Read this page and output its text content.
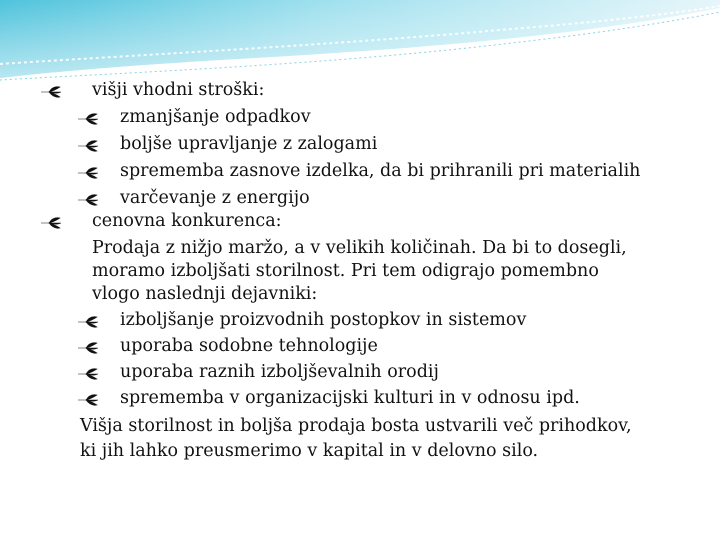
višji vhodni stroški:
zmanjšanje odpadkov
boljše upravljanje z zalogami
sprememba zasnove izdelka, da bi prihranili pri materialih
varčevanje z energijo
cenovna konkurenca:
Prodaja z nižjo maržo, a v velikih količinah. Da bi to dosegli,
moramo izboljšati storilnost. Pri tem odigrajo pomembno
vlogo naslednji dejavniki:
izboljšanje proizvodnih postopkov in sistemov
uporaba sodobne tehnologije
uporaba raznih izboljševalnih orodij
sprememba v organizacijski kulturi in v odnosu ipd.
Višja storilnost in boljša prodaja bosta ustvarili več prihodkov,
ki jih lahko preusmerimo v kapital in v delovno silo.
